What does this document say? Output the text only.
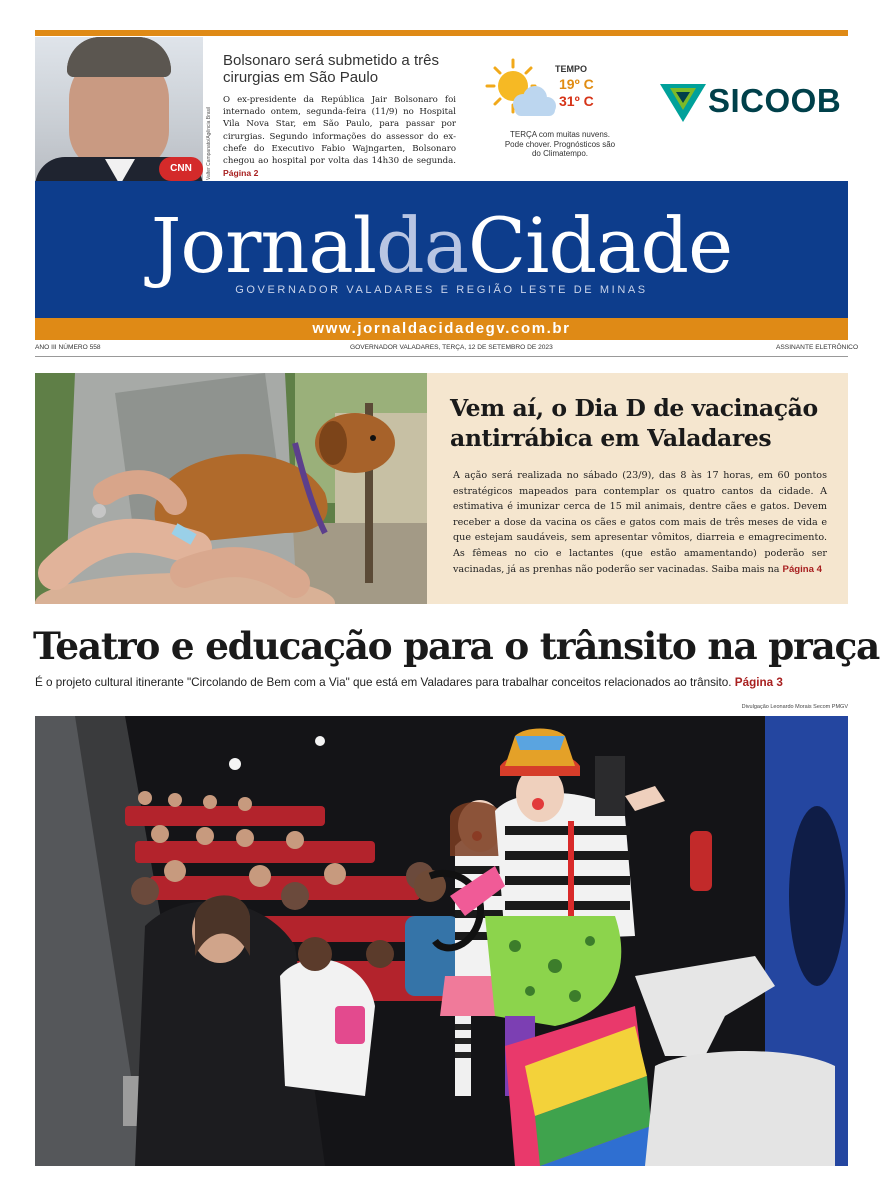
CNN	Valter Campanato/Agência Brasil
Bolsonaro será submetido a três cirurgias em São Paulo
O ex-presidente da República Jair Bolsonaro foi internado ontem, segunda-feira (11/9) no Hospital Vila Nova Star, em São Paulo, para passar por cirurgias. Segundo informações do assessor do ex-chefe do Executivo Fabio Wajngarten, Bolsonaro chegou ao hospital por volta das 14h30 de segunda. Página 2
TEMPO
19º C
31º C
TERÇA com muitas nuvens. Pode chover. Prognósticos são do Climatempo.
SICOOB
JornaldaCidade
GOVERNADOR VALADARES E REGIÃO LESTE DE MINAS
www.jornaldacidadegv.com.br
ANO III NÚMERO 558	GOVERNADOR VALADARES, TERÇA, 12 DE SETEMBRO DE 2023	ASSINANTE ELETRÔNICO
Vem aí, o Dia D de vacinação antirrábica em Valadares
A ação será realizada no sábado (23/9), das 8 às 17 horas, em 60 pontos estratégicos mapeados para contemplar os quatro cantos da cidade. A estimativa é imunizar cerca de 15 mil animais, dentre cães e gatos. Devem receber a dose da vacina os cães e gatos com mais de três meses de vida e que estejam saudáveis, sem apresentar vômitos, diarreia e emagrecimento. As fêmeas no cio e lactantes (que estão amamentando) poderão ser vacinadas, já as prenhas não poderão ser vacinadas. Saiba mais na Página 4
Teatro e educação para o trânsito na praça
É o projeto cultural itinerante "Circolando de Bem com a Via" que está em Valadares para trabalhar conceitos relacionados ao trânsito. Página 3
Divulgação Leonardo Morais Secom PMGV
